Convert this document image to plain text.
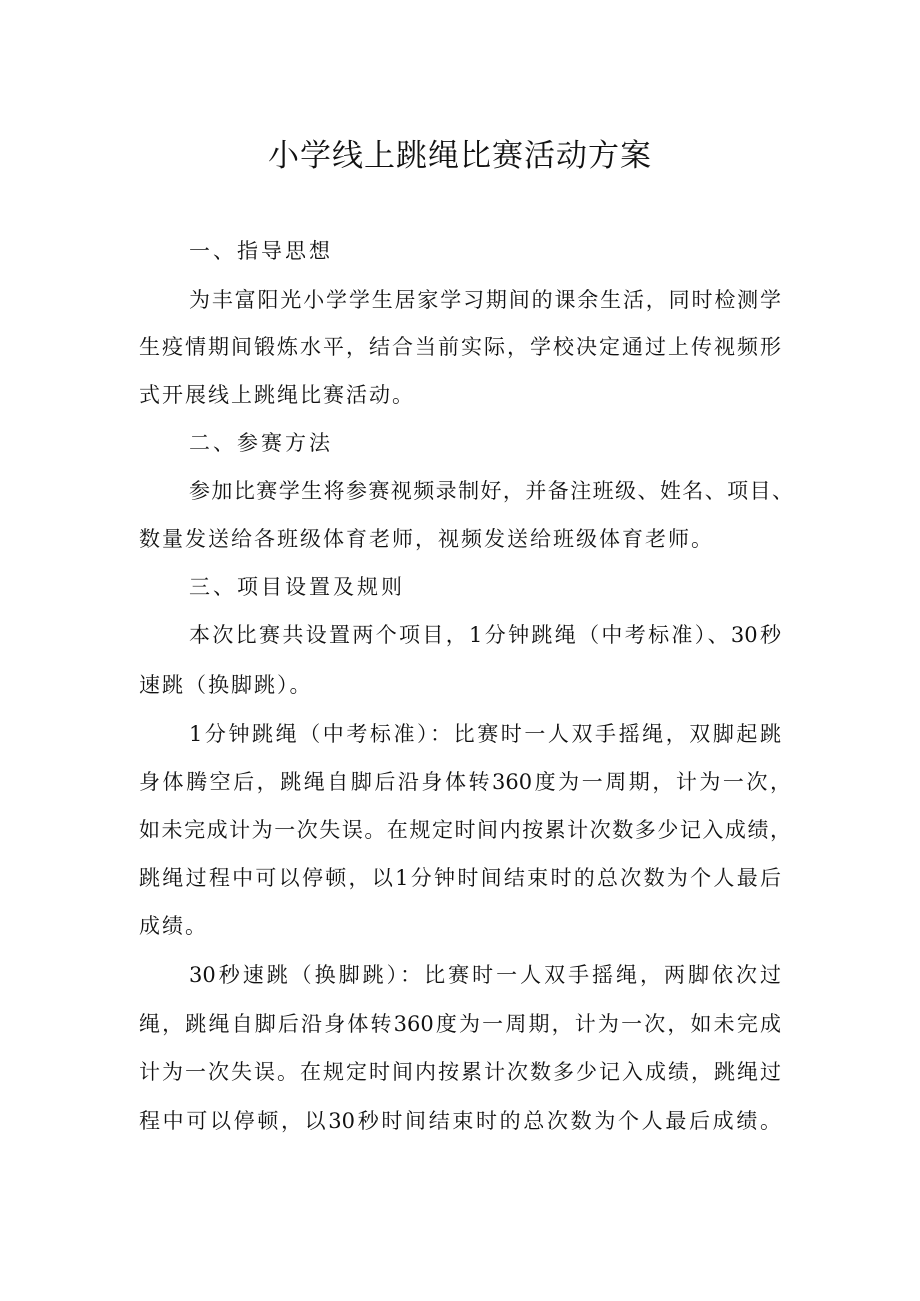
小学线上跳绳比赛活动方案

一、指导思想

为丰富阳光小学学生居家学习期间的课余生活，同时检测学

生疫情期间锻炼水平，结合当前实际，学校决定通过上传视频形

式开展线上跳绳比赛活动。

二、参赛方法

参加比赛学生将参赛视频录制好，并备注班级、姓名、项目、

数量发送给各班级体育老师，视频发送给班级体育老师。

三、项目设置及规则

本次比赛共设置两个项目，1分钟跳绳（中考标准）、30秒

速跳（换脚跳）。

1分钟跳绳（中考标准）：比赛时一人双手摇绳，双脚起跳

身体腾空后，跳绳自脚后沿身体转360度为一周期，计为一次，

如未完成计为一次失误。在规定时间内按累计次数多少记入成绩，

跳绳过程中可以停顿，以1分钟时间结束时的总次数为个人最后

成绩。

30秒速跳（换脚跳）：比赛时一人双手摇绳，两脚依次过

绳，跳绳自脚后沿身体转360度为一周期，计为一次，如未完成

计为一次失误。在规定时间内按累计次数多少记入成绩，跳绳过

程中可以停顿，以30秒时间结束时的总次数为个人最后成绩。
